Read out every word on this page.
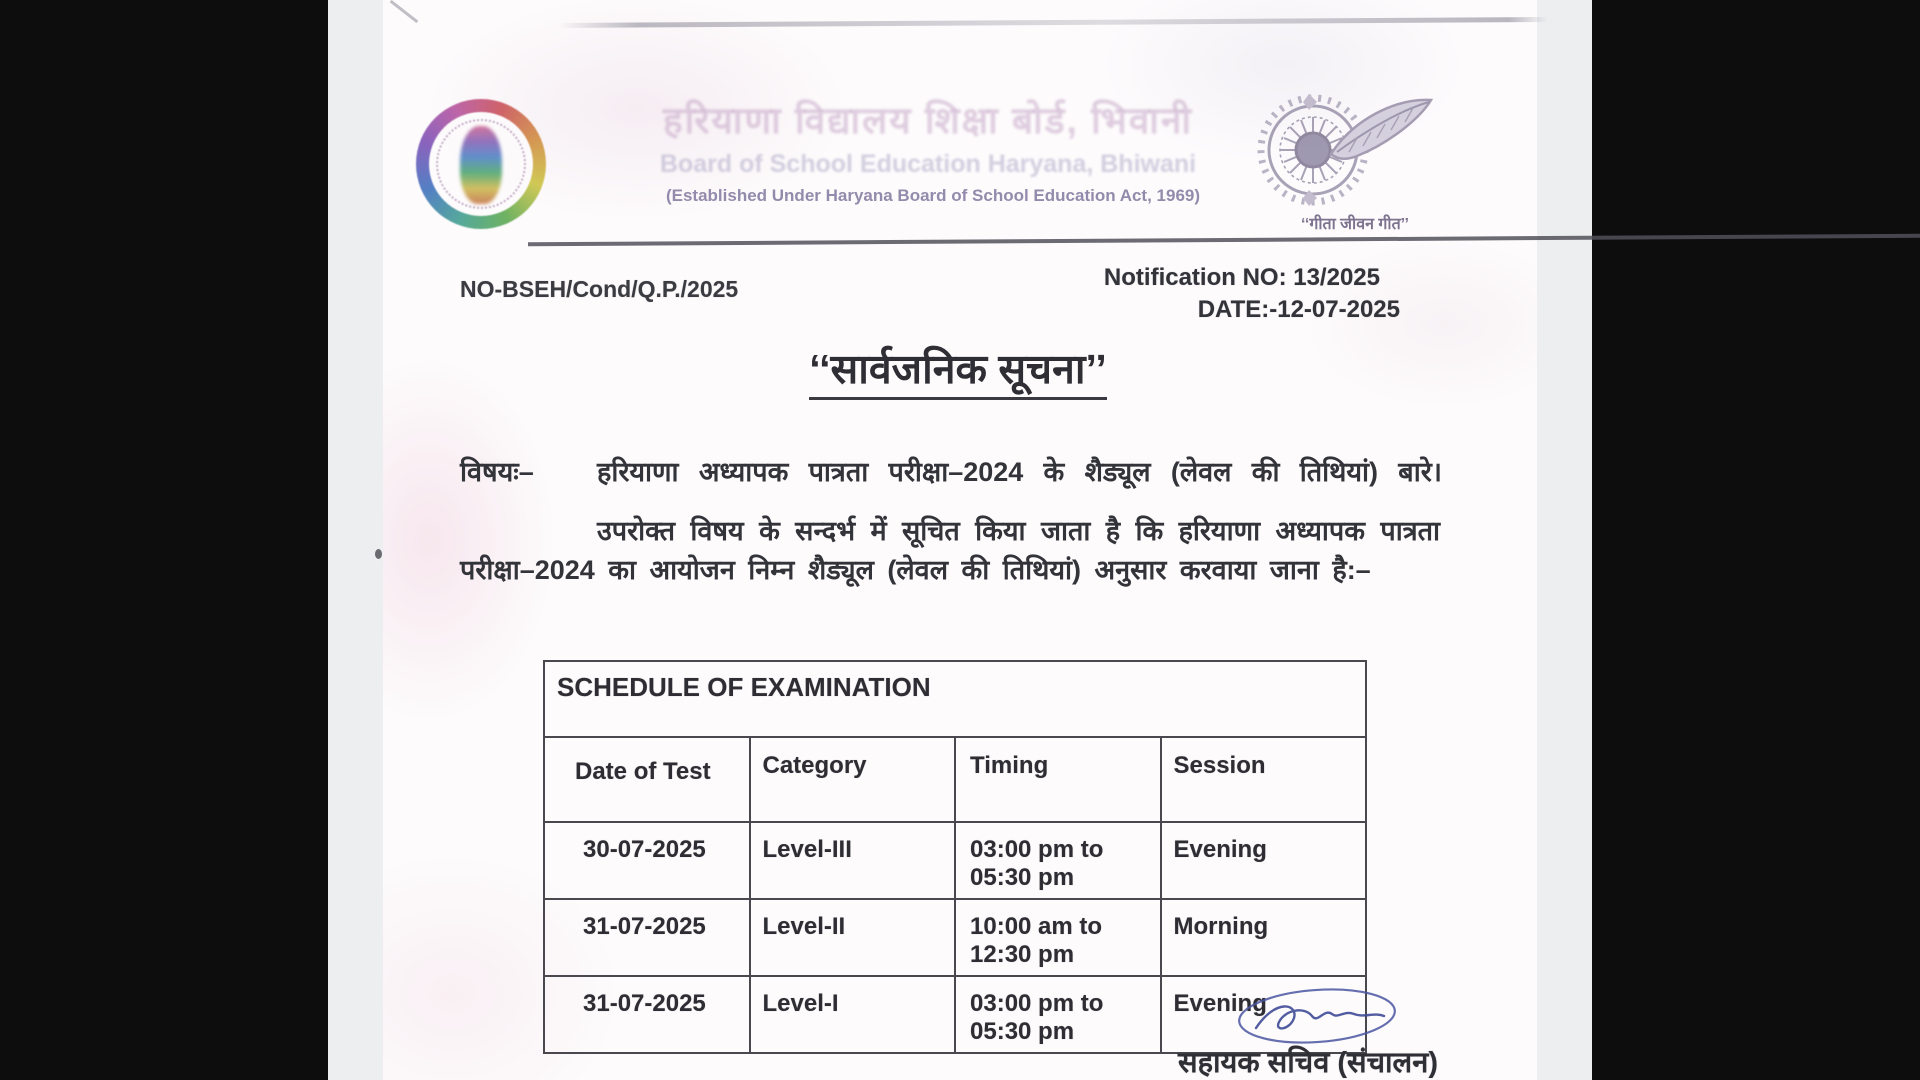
हरियाणा विद्यालय शिक्षा बोर्ड, भिवानी
Board of School Education Haryana, Bhiwani
(Established Under Haryana Board of School Education Act, 1969)
‘‘गीता जीवन गीत’’
NO-BSEH/Cond/Q.P./2025	Notification NO: 13/2025
DATE:-12-07-2025
‘‘सार्वजनिक सूचना’’
विषयः– हरियाणा अध्यापक पात्रता परीक्षा–2024 के शैड्यूल (लेवल की तिथियां) बारे।
उपरोक्त विषय के सन्दर्भ में सूचित किया जाता है कि हरियाणा अध्यापक पात्रता परीक्षा–2024 का आयोजन निम्न शैड्यूल (लेवल की तिथियां) अनुसार करवाया जाना है:–
SCHEDULE OF EXAMINATION			
Date of Test	Category	Timing	Session
30-07-2025	Level-III	03:00 pm to 05:30 pm	Evening
31-07-2025	Level-II	10:00 am to 12:30 pm	Morning
31-07-2025	Level-I	03:00 pm to 05:30 pm	Evening
सहायक सचिव (संचालन)
